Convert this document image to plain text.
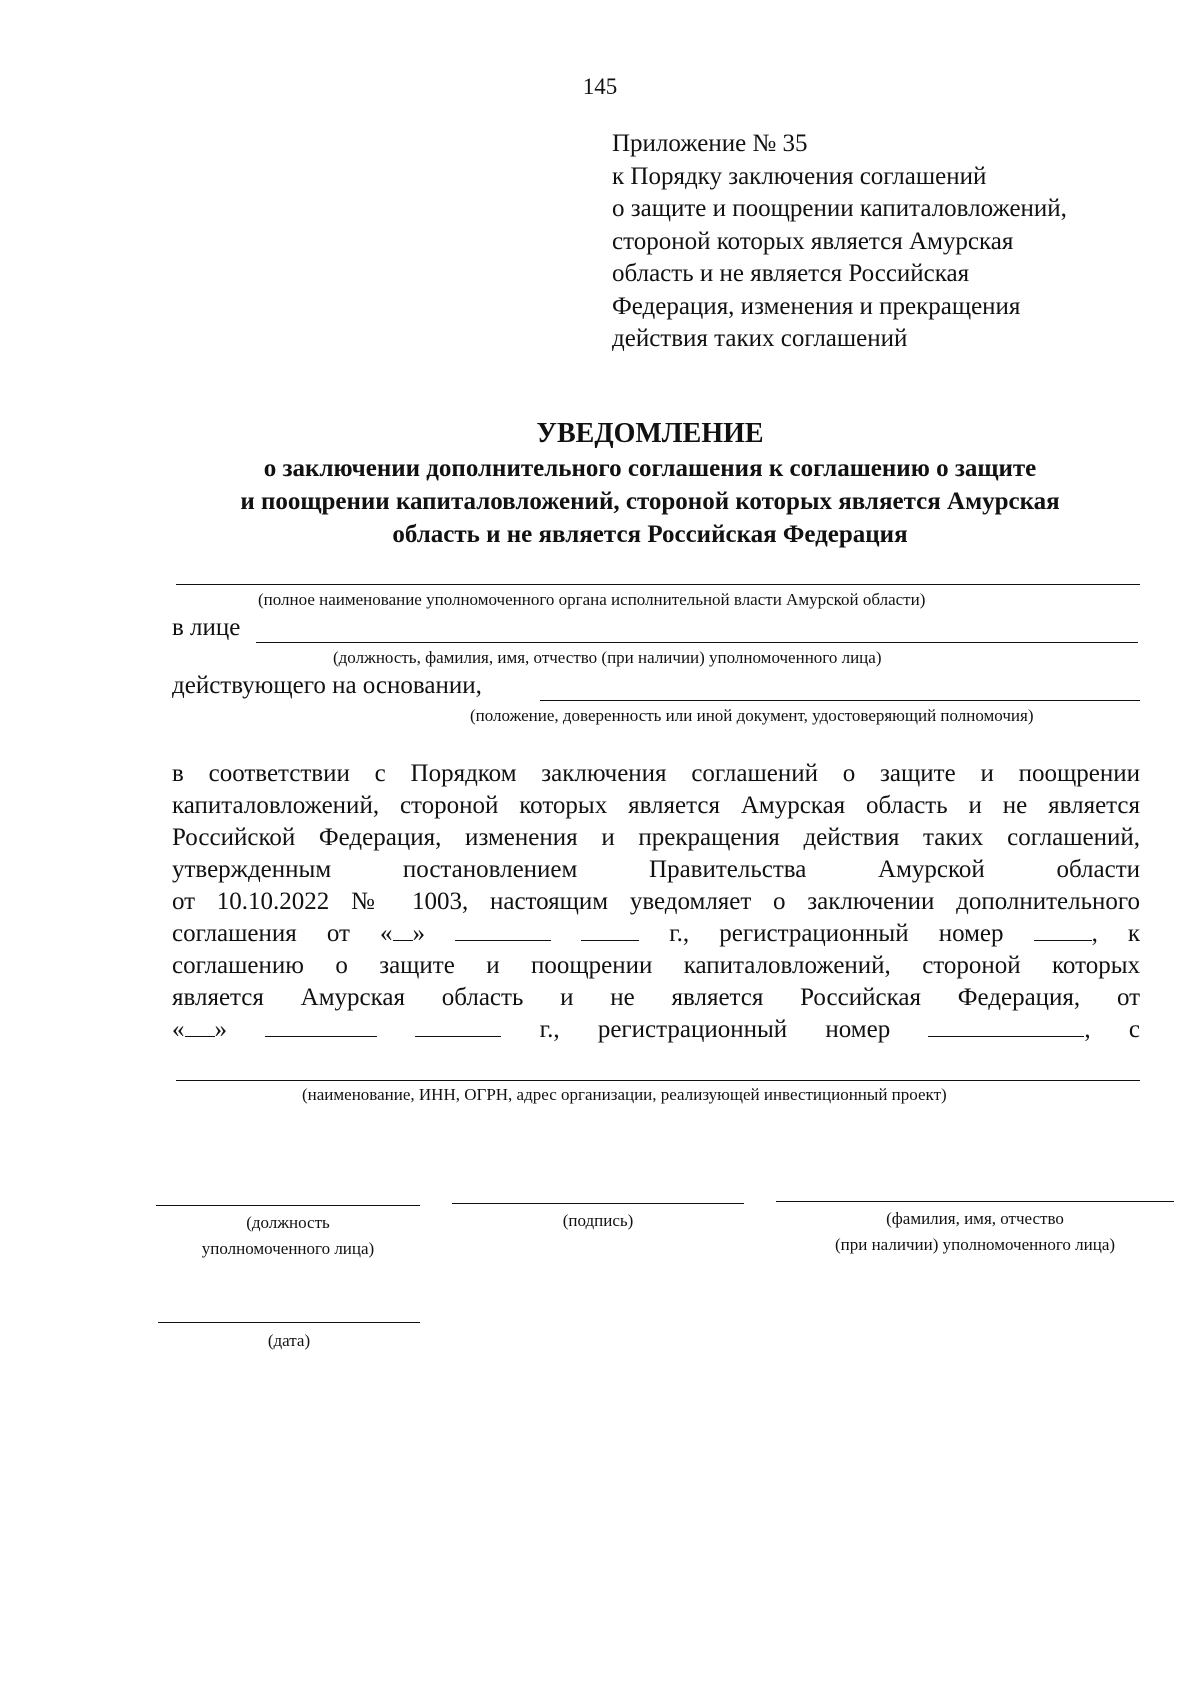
145
Приложение № 35
к Порядку заключения соглашений
о защите и поощрении капиталовложений,
стороной которых является Амурская
область и не является Российская
Федерация, изменения и прекращения
действия таких соглашений
УВЕДОМЛЕНИЕ
о заключении дополнительного соглашения к соглашению о защите
и поощрении капиталовложений, стороной которых является Амурская
область и не является Российская Федерация
(полное наименование уполномоченного органа исполнительной власти Амурской области)
в лице
(должность, фамилия, имя, отчество (при наличии) уполномоченного лица)
действующего на основании,
(положение, доверенность или иной документ, удостоверяющий полномочия)
в соответствии с Порядком заключения соглашений о защите и поощрении
капиталовложений, стороной которых является Амурская область и не является
Российской Федерация, изменения и прекращения действия таких соглашений,
утвержденным	постановлением	Правительства	Амурской	области
от 10.10.2022 № 1003, настоящим уведомляет о заключении дополнительного
соглашения от « »	г., регистрационный номер	, к
соглашению о защите и поощрении капиталовложений, стороной которых
является Амурская область и не является Российская Федерация, от
« »	г., регистрационный номер	, с
(наименование, ИНН, ОГРН, адрес организации, реализующей инвестиционный проект)
(должность
уполномоченного лица)
(подпись)	(фамилия, имя, отчество
(при наличии) уполномоченного лица)
(дата)
